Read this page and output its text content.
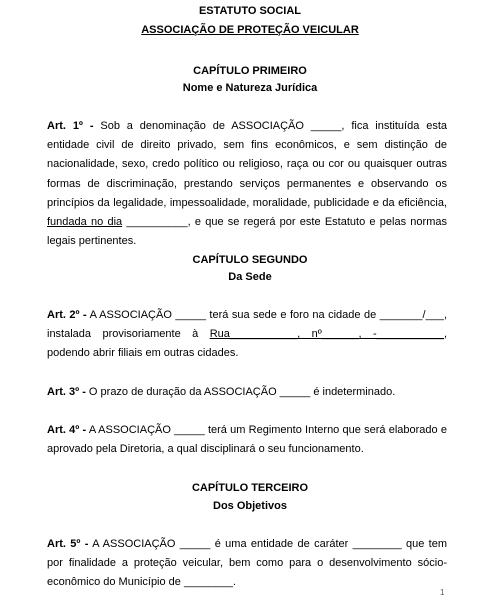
ESTATUTO SOCIAL
ASSOCIAÇÃO DE PROTEÇÃO VEICULAR
CAPÍTULO PRIMEIRO
Nome e Natureza Jurídica
Art. 1º - Sob a denominação de ASSOCIAÇÃO _____, fica instituída esta entidade civil de direito privado, sem fins econômicos, e sem distinção de nacionalidade, sexo, credo político ou religioso, raça ou cor ou quaisquer outras formas de discriminação, prestando serviços permanentes e observando os princípios da legalidade, impessoalidade, moralidade, publicidade e da eficiência, fundada no dia __________, e que se regerá por este Estatuto e pelas normas legais pertinentes.
CAPÍTULO SEGUNDO
Da Sede
Art. 2º - A ASSOCIAÇÃO _____ terá sua sede e foro na cidade de _______/___, instalada provisoriamente à Rua___________, nº______, -___________, podendo abrir filiais em outras cidades.
Art. 3º - O prazo de duração da ASSOCIAÇÃO _____ é indeterminado.
Art. 4º - A ASSOCIAÇÃO _____ terá um Regimento Interno que será elaborado e aprovado pela Diretoria, a qual disciplinará o seu funcionamento.
CAPÍTULO TERCEIRO
Dos Objetivos
Art. 5º - A ASSOCIAÇÃO _____ é uma entidade de caráter ________ que tem por finalidade a proteção veicular, bem como para o desenvolvimento sócio-econômico do Município de ________.
1
